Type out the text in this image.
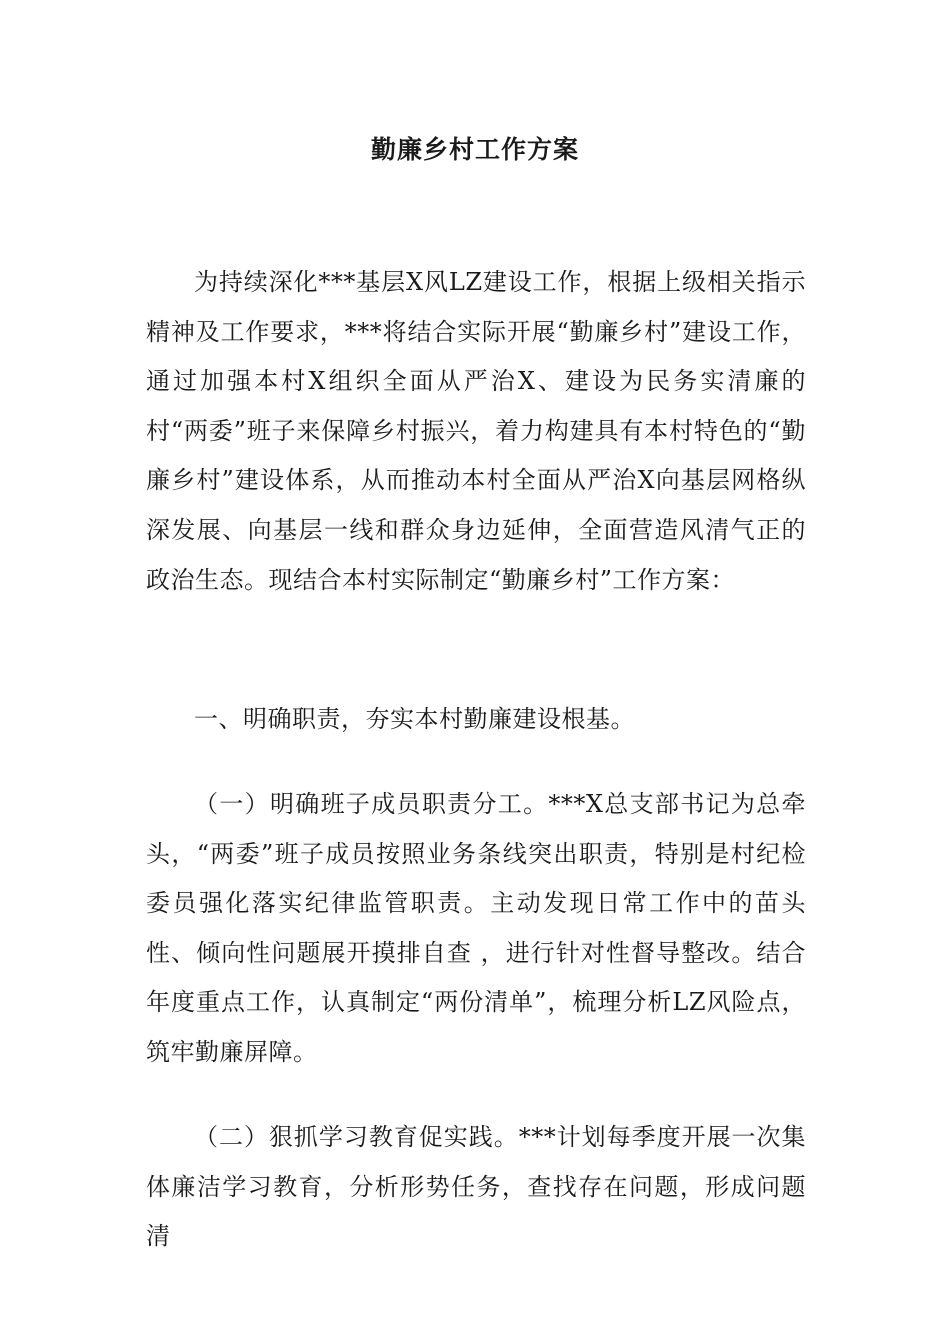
勤廉乡村工作方案

为持续深化***基层X风LZ建设工作，根据上级相关指示精神及工作要求，***将结合实际开展“勤廉乡村”建设工作，通过加强本村X组织全面从严治X、建设为民务实清廉的村“两委”班子来保障乡村振兴，着力构建具有本村特色的“勤廉乡村”建设体系，从而推动本村全面从严治X向基层网格纵深发展、向基层一线和群众身边延伸，全面营造风清气正的政治生态。现结合本村实际制定“勤廉乡村”工作方案：

一、明确职责，夯实本村勤廉建设根基。

（一）明确班子成员职责分工。***X总支部书记为总牵头，“两委”班子成员按照业务条线突出职责，特别是村纪检委员强化落实纪律监管职责。主动发现日常工作中的苗头性、倾向性问题展开摸排自查 ，进行针对性督导整改。结合年度重点工作，认真制定“两份清单”，梳理分析LZ风险点，筑牢勤廉屏障。

（二）狠抓学习教育促实践。***计划每季度开展一次集体廉洁学习教育，分析形势任务，查找存在问题，形成问题清
